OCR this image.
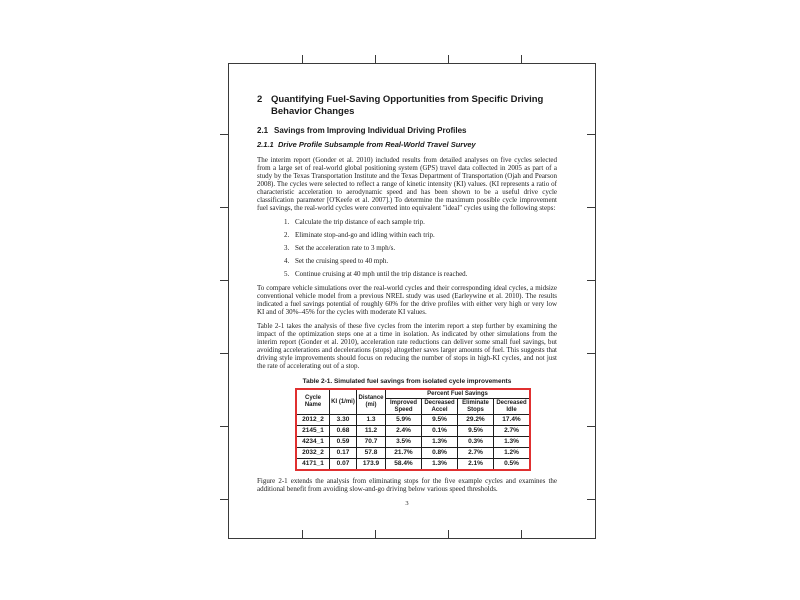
2 Quantifying Fuel-Saving Opportunities from Specific Driving Behavior Changes
2.1 Savings from Improving Individual Driving Profiles
2.1.1 Drive Profile Subsample from Real-World Travel Survey

The interim report (Gonder et al. 2010) included results from detailed analyses on five cycles selected from a large set of real-world global positioning system (GPS) travel data collected in 2005 as part of a study by the Texas Transportation Institute and the Texas Department of Transportation (Ojah and Pearson 2008). The cycles were selected to reflect a range of kinetic intensity (KI) values. (KI represents a ratio of characteristic acceleration to aerodynamic speed and has been shown to be a useful drive cycle classification parameter [O'Keefe et al. 2007].) To determine the maximum possible cycle improvement fuel savings, the real-world cycles were converted into equivalent "ideal" cycles using the following steps:

1. Calculate the trip distance of each sample trip.
2. Eliminate stop-and-go and idling within each trip.
3. Set the acceleration rate to 3 mph/s.
4. Set the cruising speed to 40 mph.
5. Continue cruising at 40 mph until the trip distance is reached.

To compare vehicle simulations over the real-world cycles and their corresponding ideal cycles, a midsize conventional vehicle model from a previous NREL study was used (Earleywine et al. 2010). The results indicated a fuel savings potential of roughly 60% for the drive profiles with either very high or very low KI and of 30%–45% for the cycles with moderate KI values.

Table 2-1 takes the analysis of these five cycles from the interim report a step further by examining the impact of the optimization steps one at a time in isolation. As indicated by other simulations from the interim report (Gonder et al. 2010), acceleration rate reductions can deliver some small fuel savings, but avoiding accelerations and decelerations (stops) altogether saves larger amounts of fuel. This suggests that driving style improvements should focus on reducing the number of stops in high-KI cycles, and not just the rate of accelerating out of a stop.

Table 2-1. Simulated fuel savings from isolated cycle improvements
Cycle Name	KI (1/mi)	Distance (mi)	Percent Fuel Savings			
			Improved Speed	Decreased Accel	Eliminate Stops	Decreased Idle
2012_2	3.30	1.3	5.9%	9.5%	29.2%	17.4%
2145_1	0.68	11.2	2.4%	0.1%	9.5%	2.7%
4234_1	0.59	70.7	3.5%	1.3%	0.3%	1.3%
2032_2	0.17	57.8	21.7%	0.8%	2.7%	1.2%
4171_1	0.07	173.9	58.4%	1.3%	2.1%	0.5%

Figure 2-1 extends the analysis from eliminating stops for the five example cycles and examines the additional benefit from avoiding slow-and-go driving below various speed thresholds.

3
